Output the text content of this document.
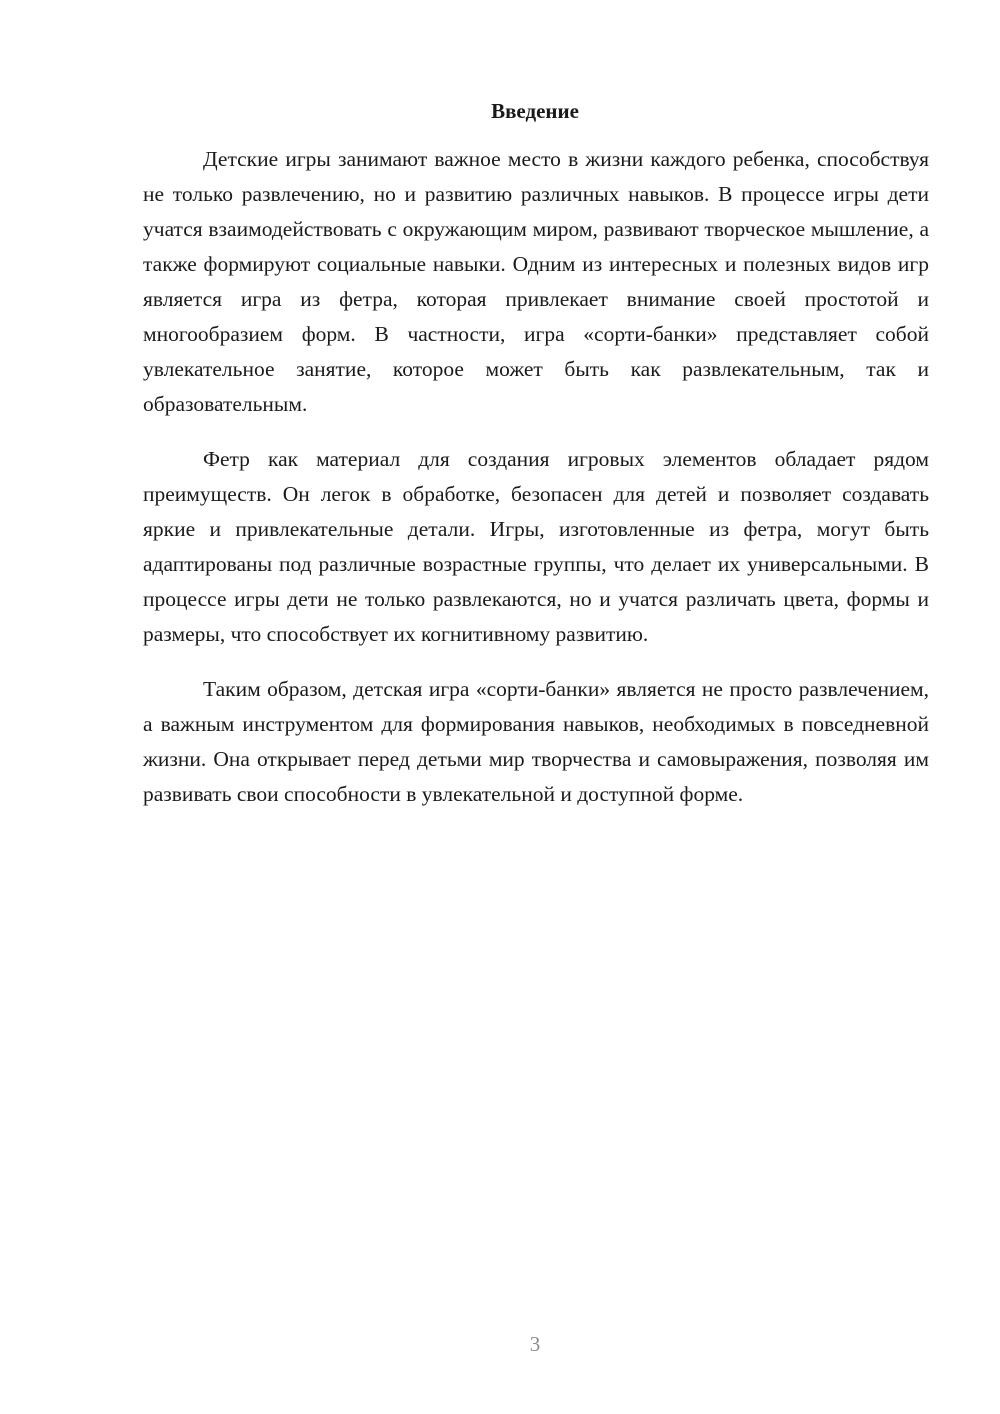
Введение

Детские игры занимают важное место в жизни каждого ребенка, способствуя не только развлечению, но и развитию различных навыков. В процессе игры дети учатся взаимодействовать с окружающим миром, развивают творческое мышление, а также формируют социальные навыки. Одним из интересных и полезных видов игр является игра из фетра, которая привлекает внимание своей простотой и многообразием форм. В частности, игра «сорти-банки» представляет собой увлекательное занятие, которое может быть как развлекательным, так и образовательным.

Фетр как материал для создания игровых элементов обладает рядом преимуществ. Он легок в обработке, безопасен для детей и позволяет создавать яркие и привлекательные детали. Игры, изготовленные из фетра, могут быть адаптированы под различные возрастные группы, что делает их универсальными. В процессе игры дети не только развлекаются, но и учатся различать цвета, формы и размеры, что способствует их когнитивному развитию.

Таким образом, детская игра «сорти-банки» является не просто развлечением, а важным инструментом для формирования навыков, необходимых в повседневной жизни. Она открывает перед детьми мир творчества и самовыражения, позволяя им развивать свои способности в увлекательной и доступной форме.

3
